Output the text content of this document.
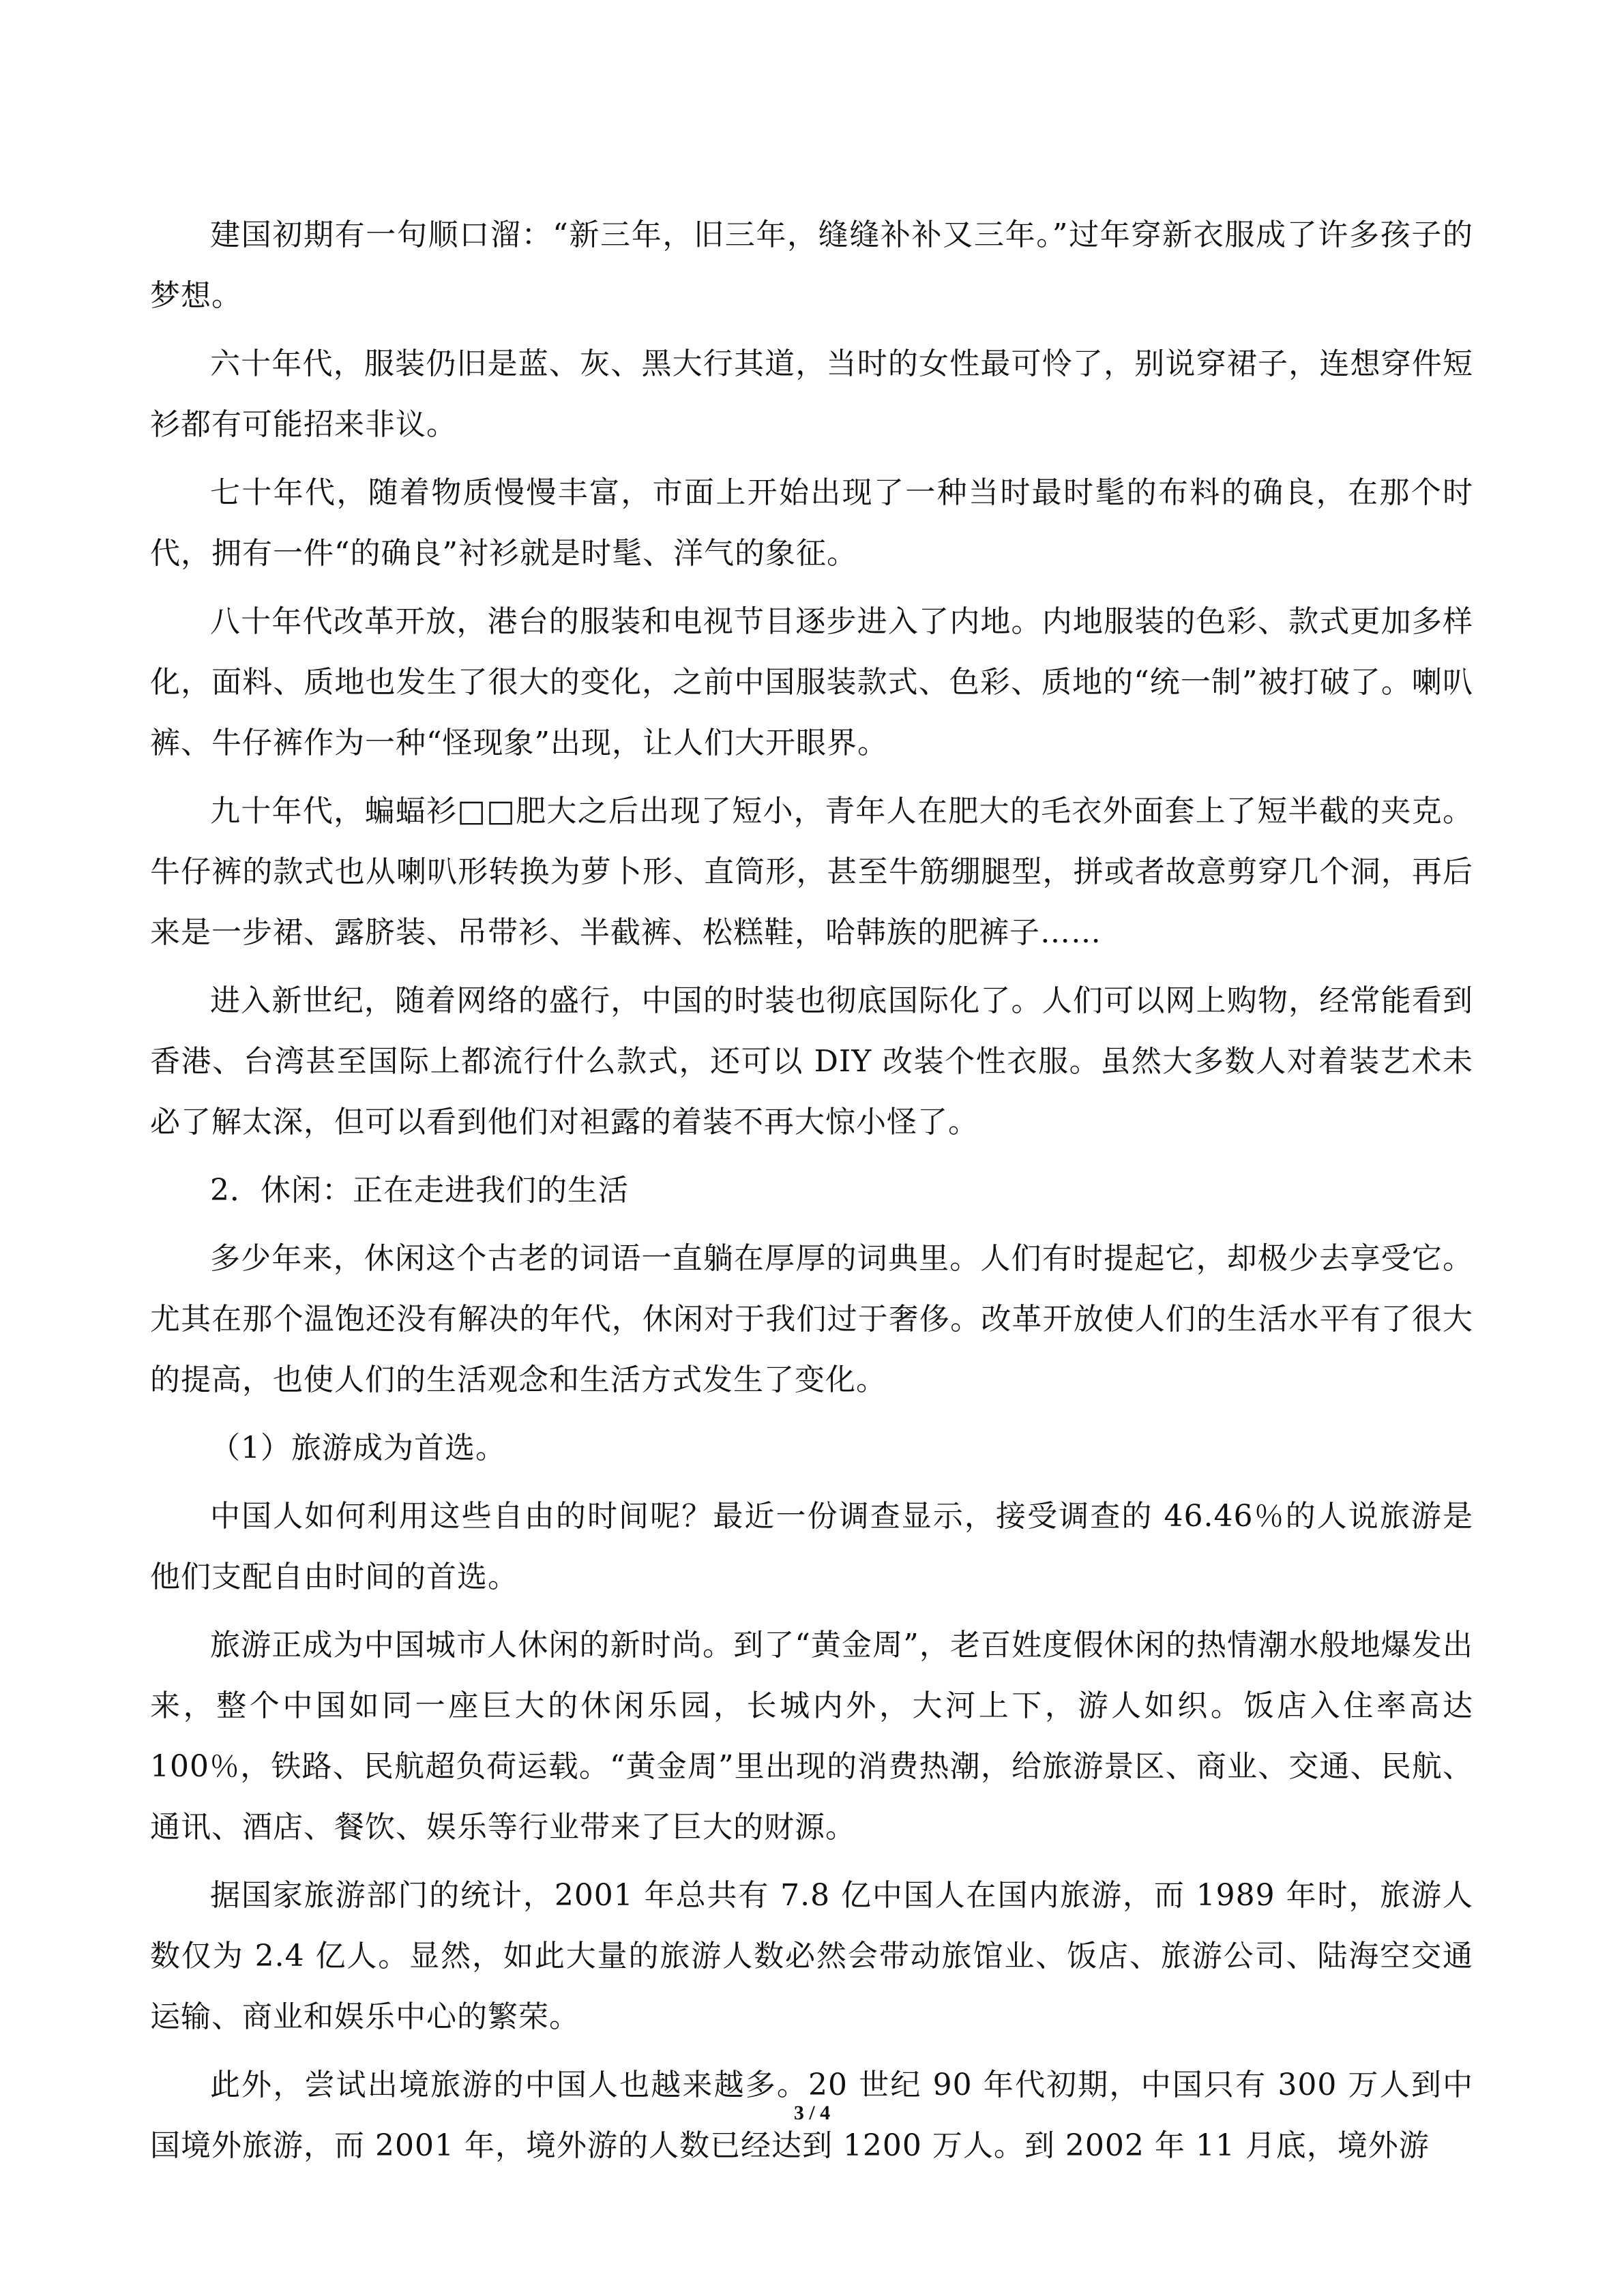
建国初期有一句顺口溜：“新三年，旧三年，缝缝补补又三年。”过年穿新衣服成了许多孩子的梦想。

六十年代，服装仍旧是蓝、灰、黑大行其道，当时的女性最可怜了，别说穿裙子，连想穿件短衫都有可能招来非议。

七十年代，随着物质慢慢丰富，市面上开始出现了一种当时最时髦的布料的确良，在那个时代，拥有一件“的确良”衬衫就是时髦、洋气的象征。

八十年代改革开放，港台的服装和电视节目逐步进入了内地。内地服装的色彩、款式更加多样化，面料、质地也发生了很大的变化，之前中国服装款式、色彩、质地的“统一制”被打破了。喇叭裤、牛仔裤作为一种“怪现象”出现，让人们大开眼界。

九十年代，蝙蝠衫□□肥大之后出现了短小，青年人在肥大的毛衣外面套上了短半截的夹克。牛仔裤的款式也从喇叭形转换为萝卜形、直筒形，甚至牛筋绷腿型，拼或者故意剪穿几个洞，再后来是一步裙、露脐装、吊带衫、半截裤、松糕鞋，哈韩族的肥裤子……

进入新世纪，随着网络的盛行，中国的时装也彻底国际化了。人们可以网上购物，经常能看到香港、台湾甚至国际上都流行什么款式，还可以 DIY 改装个性衣服。虽然大多数人对着装艺术未必了解太深，但可以看到他们对袒露的着装不再大惊小怪了。

2．休闲：正在走进我们的生活

多少年来，休闲这个古老的词语一直躺在厚厚的词典里。人们有时提起它，却极少去享受它。尤其在那个温饱还没有解决的年代，休闲对于我们过于奢侈。改革开放使人们的生活水平有了很大的提高，也使人们的生活观念和生活方式发生了变化。

（1）旅游成为首选。

中国人如何利用这些自由的时间呢？最近一份调查显示，接受调查的 46.46％的人说旅游是他们支配自由时间的首选。

旅游正成为中国城市人休闲的新时尚。到了“黄金周”，老百姓度假休闲的热情潮水般地爆发出来，整个中国如同一座巨大的休闲乐园，长城内外，大河上下，游人如织。饭店入住率高达 100％，铁路、民航超负荷运载。“黄金周”里出现的消费热潮，给旅游景区、商业、交通、民航、通讯、酒店、餐饮、娱乐等行业带来了巨大的财源。

据国家旅游部门的统计，2001 年总共有 7.8 亿中国人在国内旅游，而 1989 年时，旅游人数仅为 2.4 亿人。显然，如此大量的旅游人数必然会带动旅馆业、饭店、旅游公司、陆海空交通运输、商业和娱乐中心的繁荣。

此外，尝试出境旅游的中国人也越来越多。20 世纪 90 年代初期，中国只有 300 万人到中国境外旅游，而 2001 年，境外游的人数已经达到 1200 万人。到 2002 年 11 月底，境外游

3 / 4
